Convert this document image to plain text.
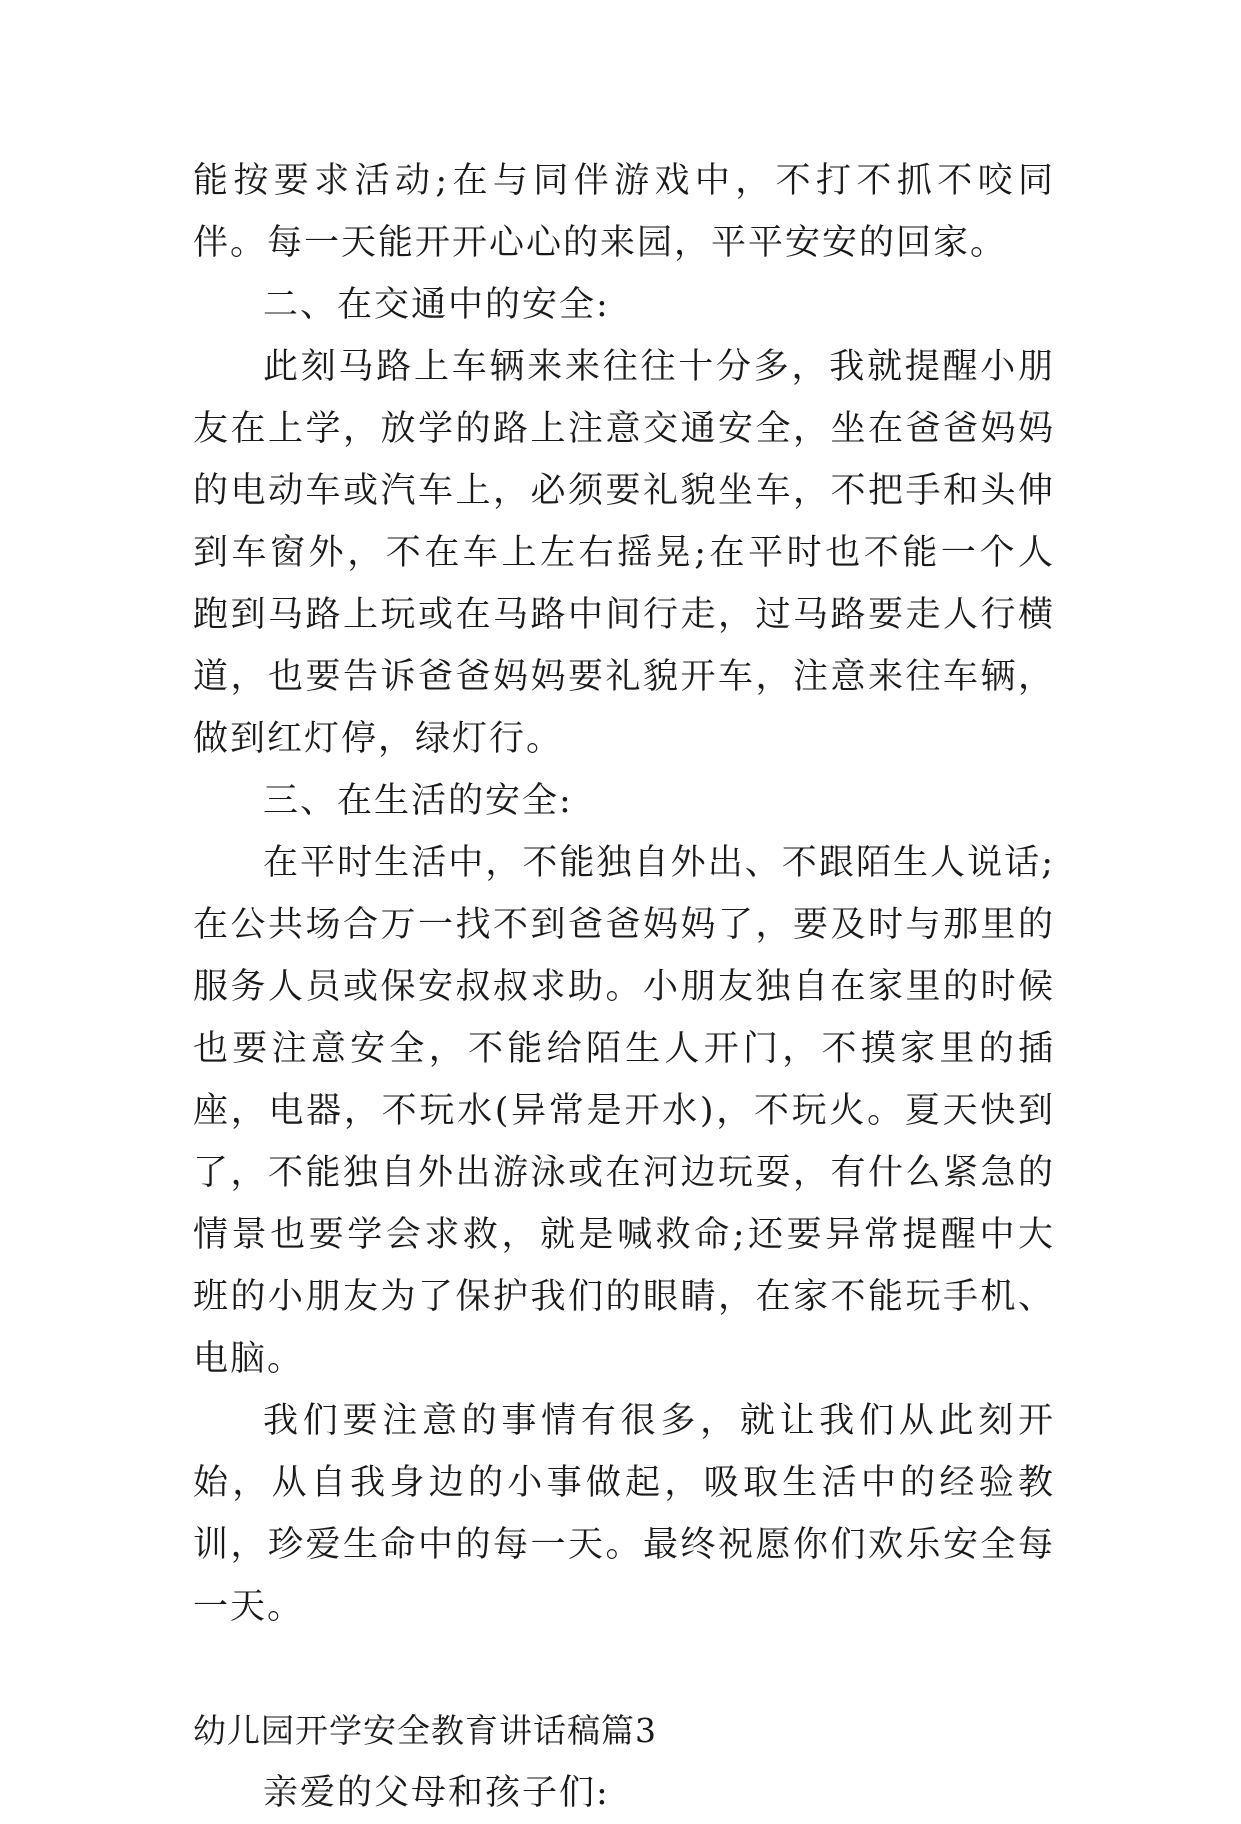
能按要求活动;在与同伴游戏中，不打不抓不咬同伴。每一天能开开心心的来园，平平安安的回家。

二、在交通中的安全:

此刻马路上车辆来来往往十分多，我就提醒小朋友在上学，放学的路上注意交通安全，坐在爸爸妈妈的电动车或汽车上，必须要礼貌坐车，不把手和头伸到车窗外，不在车上左右摇晃;在平时也不能一个人跑到马路上玩或在马路中间行走，过马路要走人行横道，也要告诉爸爸妈妈要礼貌开车，注意来往车辆，做到红灯停，绿灯行。

三、在生活的安全:

在平时生活中，不能独自外出、不跟陌生人说话;在公共场合万一找不到爸爸妈妈了，要及时与那里的服务人员或保安叔叔求助。小朋友独自在家里的时候也要注意安全，不能给陌生人开门，不摸家里的插座，电器，不玩水(异常是开水)，不玩火。夏天快到了，不能独自外出游泳或在河边玩耍，有什么紧急的情景也要学会求救，就是喊救命;还要异常提醒中大班的小朋友为了保护我们的眼睛，在家不能玩手机、电脑。

我们要注意的事情有很多，就让我们从此刻开始，从自我身边的小事做起，吸取生活中的经验教训，珍爱生命中的每一天。最终祝愿你们欢乐安全每一天。

幼儿园开学安全教育讲话稿篇3

亲爱的父母和孩子们:
